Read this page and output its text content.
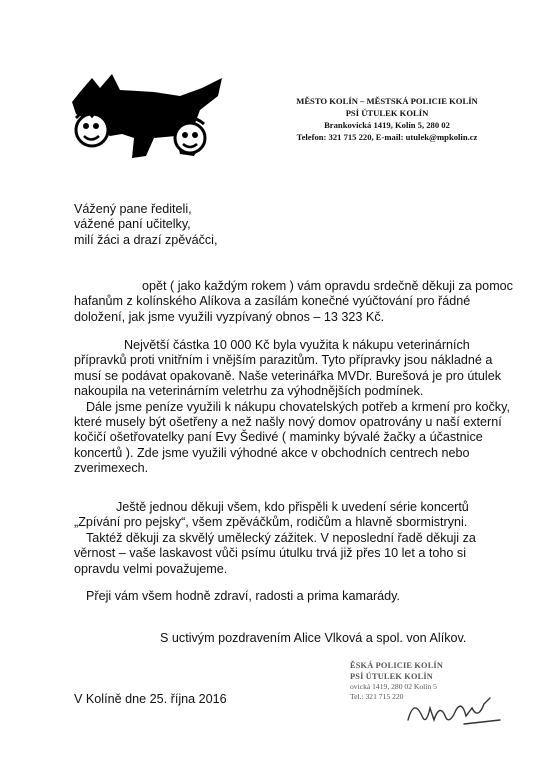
MĚSTO KOLÍN – MĚSTSKÁ POLICIE KOLÍN
PSÍ ÚTULEK KOLÍN
Brankovická 1419, Kolín 5, 280 02
Telefon: 321 715 220, E-mail: utulek@mpkolin.cz

Vážený pane řediteli,

vážené paní učitelky,

milí žáci a drazí zpěváčci,

opět ( jako každým rokem ) vám opravdu srdečně děkuji za pomoc hafanům z kolínského Alíkova a zasílám konečné vyúčtování pro řádné doložení, jak jsme využili vyzpívaný obnos – 13 323 Kč.

Největší částka 10 000 Kč byla využita k nákupu veterinárních přípravků proti vnitřním i vnějším parazitům. Tyto přípravky jsou nákladné a musí se podávat opakovaně. Naše veterinářka MVDr. Burešová je pro útulek nakoupila na veterinárním veletrhu za výhodnějších podmínek.

Dále jsme peníze využili k nákupu chovatelských potřeb a krmení pro kočky, které musely být ošetřeny a než našly nový domov opatrovány u naší externí kočičí ošetřovatelky paní Evy Šedivé ( maminky bývalé žačky a účastnice koncertů ). Zde jsme využili výhodné akce v obchodních centrech nebo zverimexech.

Ještě jednou děkuji všem, kdo přispěli k uvedení série koncertů „Zpívání pro pejsky“, všem zpěváčkům, rodičům a hlavně sbormistryni.

Taktéž děkuji za skvělý umělecký zážitek. V neposlední řadě děkuji za věrnost – vaše laskavost vůči psímu útulku trvá již přes 10 let a toho si opravdu velmi považujeme.

Přeji vám všem hodně zdraví, radosti a prima kamarády.

S uctivým pozdravením Alice Vlková a spol. von Alíkov.

V Kolíně dne 25. října 2016
ĚSKÁ POLICIE KOLÍN
PSÍ ÚTULEK KOLÍN
ovická 1419, 280 02 Kolín 5
Tel.: 321 715 220
